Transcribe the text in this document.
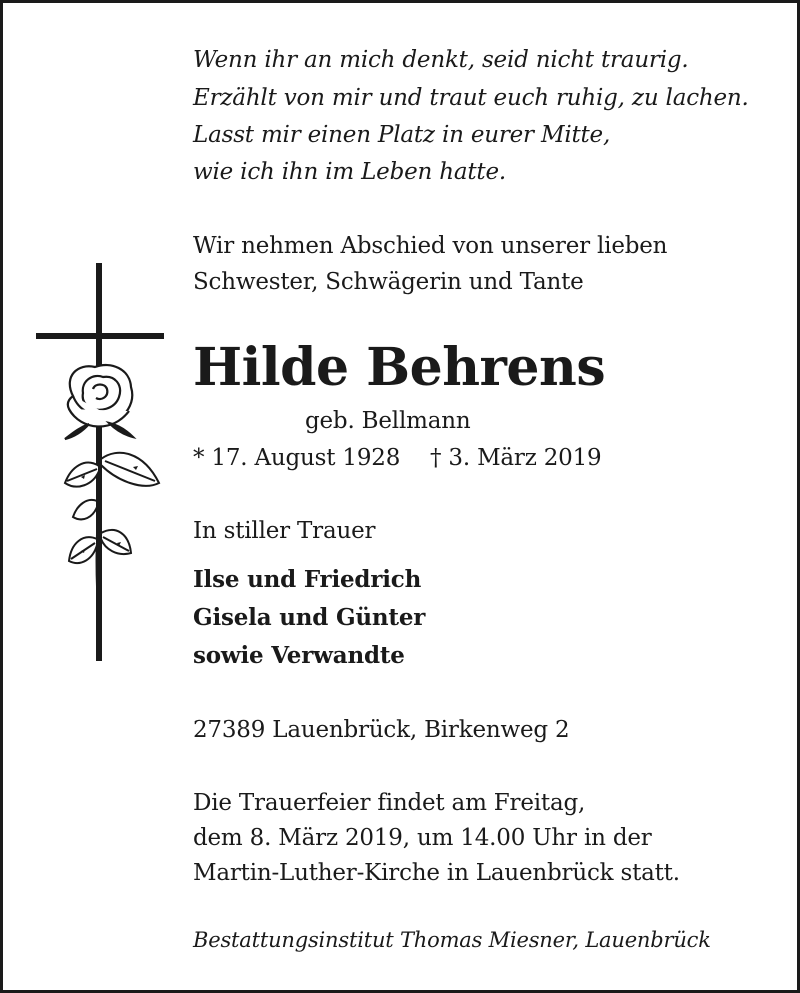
Wenn ihr an mich denkt, seid nicht traurig.
Erzählt von mir und traut euch ruhig, zu lachen.
Lasst mir einen Platz in eurer Mitte,
wie ich ihn im Leben hatte.
Wir nehmen Abschied von unserer lieben
Schwester, Schwägerin und Tante
Hilde Behrens
geb. Bellmann
* 17. August 1928 † 3. März 2019
In stiller Trauer
Ilse und Friedrich
Gisela und Günter
sowie Verwandte
27389 Lauenbrück, Birkenweg 2
Die Trauerfeier findet am Freitag,
dem 8. März 2019, um 14.00 Uhr in der
Martin-Luther-Kirche in Lauenbrück statt.
Bestattungsinstitut Thomas Miesner, Lauenbrück
